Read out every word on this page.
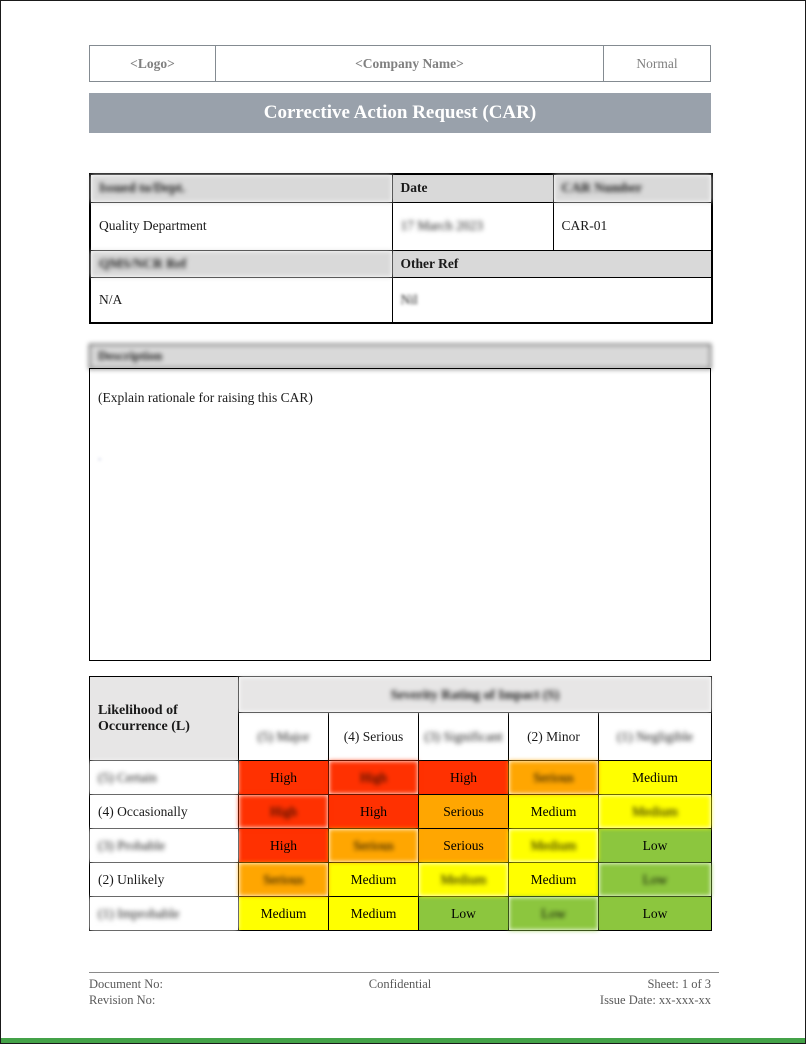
<Logo>	<Company Name>	Normal
Corrective Action Request (CAR)
Issued to/Dept.	Date	CAR Number
Quality Department	17 March 2023	CAR-01
QMS/NCR Ref	Other Ref	
N/A	Nil	
Description
(Explain rationale for raising this CAR)
.
Likelihood of Occurrence (L)	Severity Rating of Impact (S)				
	(5) Major	(4) Serious	(3) Significant	(2) Minor	(1) Negligible
(5) Certain	High	High	High	Serious	Medium
(4) Occasionally	High	High	Serious	Medium	Medium
(3) Probable	High	Serious	Serious	Medium	Low
(2) Unlikely	Serious	Medium	Medium	Medium	Low
(1) Improbable	Medium	Medium	Low	Low	Low
Document No:
Revision No:
Confidential	Sheet: 1 of 3
Issue Date: xx-xxx-xx
